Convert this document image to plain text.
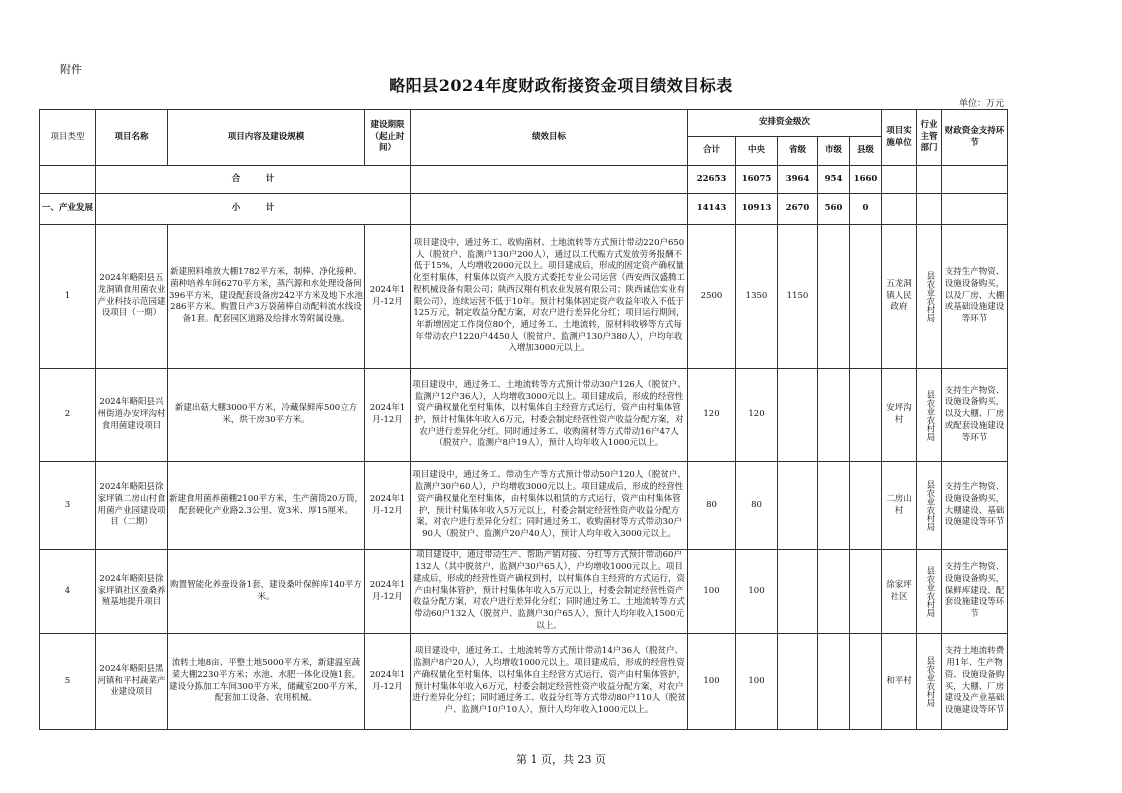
附件
略阳县2024年度财政衔接资金项目绩效目标表
单位：万元
项目类型	项目名称	项目内容及建设规模	建设期限（起止时间）	绩效目标	安排资金级次					项目实施单位	行业主管部门	财政资金支持环节
					合计	中央	省级	市级	县级			
	合　　　计				22653	16075	3964	954	1660			
一、产业发展	小　　　计				14143	10913	2670	560	0			
1	2024年略阳县五龙洞镇食用菌农业产业科技示范园建设项目（一期）	新建照料堆放大棚1782平方米，制棒、净化接种、菌种培养车间6270平方米，蒸汽源和水处理设备间396平方米，建设配套设备房242平方米及地下水池286平方米。购置日产3万袋菌棒自动配料流水线设备1套。配套园区道路及给排水等附属设施。	2024年1月-12月	项目建设中，通过务工、收购菌材、土地流转等方式预计带动220户650人（脱贫户、监测户130户200人），通过以工代赈方式发放劳务报酬不低于15%，人均增收2000元以上。项目建成后，形成的固定资产确权量化至村集体，村集体以资产入股方式委托专业公司运营（西安西汉盛腾工程机械设备有限公司；陕西汉翔有机农业发展有限公司；陕西诚信实业有限公司），连续运营不低于10年。预计村集体固定资产收益年收入不低于125万元，制定收益分配方案，对农户进行差异化分红；项目运行期间，年新增固定工作岗位80个，通过务工、土地流转，原材料收够等方式每年带动农户1220户4450人（脱贫户、监测户130户380人），户均年收入增加3000元以上。	2500	1350	1150			五龙洞镇人民政府	县农业农村局	支持生产物资、设施设备购买，以及厂房、大棚或基础设施建设等环节
2	2024年略阳县兴州街道办安坪沟村食用菌建设项目	新建出菇大棚3000平方米，冷藏保鲜库500立方米，烘干房30平方米。	2024年1月-12月	项目建设中，通过务工、土地流转等方式预计带动30户126人（脱贫户、监测户12户36人），人均增收3000元以上。项目建成后，形成的经营性资产确权量化至村集体，以村集体自主经营方式运行，资产由村集体管护，预计村集体年收入6万元，村委会制定经营性资产收益分配方案，对农户进行差异化分红。同时通过务工、收购菌材等方式带动16户47人（脱贫户、监测户8户19人），预计人均年收入1000元以上。	120	120				安坪沟村	县农业农村局	支持生产物资、设施设备购买，以及大棚、厂房或配套设施建设等环节
3	2024年略阳县徐家坪镇二房山村食用菌产业园建设项目（二期）	新建食用菌养菌棚2100平方米，生产菌筒20万筒，配套硬化产业路2.3公里、宽3米、厚15厘米。	2024年1月-12月	项目建设中，通过务工、带动生产等方式预计带动50户120人（脱贫户、监测户30户60人），户均增收3000元以上。项目建成后，形成的经营性资产确权量化至村集体，由村集体以租赁的方式运行，资产由村集体管护，预计村集体年收入5万元以上，村委会制定经营性资产收益分配方案，对农户进行差异化分红；同时通过务工、收购菌材等方式带动30户90人（脱贫户、监测户20户40人），预计人均年收入3000元以上。	80	80				二房山村	县农业农村局	支持生产物资、设施设备购买，大棚建设、基础设施建设等环节
4	2024年略阳县徐家坪镇社区蚕桑养殖基地提升项目	购置智能化养蚕设备1套，建设桑叶保鲜库140平方米。	2024年1月-12月	项目建设中，通过带动生产、帮助产销对接、分红等方式预计带动60户132人（其中脱贫户、监测户30户65人），户均增收1000元以上。项目建成后，形成的经营性资产确权到村，以村集体自主经营的方式运行，资产由村集体管护，预计村集体年收入5万元以上，村委会制定经营性资产收益分配方案，对农户进行差异化分红；同时通过务工、土地流转等方式带动60户132人（脱贫户、监测户30户65人），预计人均年收入1500元以上。	100	100				徐家坪社区	县农业农村局	支持生产物资、设施设备购买，保鲜库建设、配套设施建设等环节
5	2024年略阳县黑河镇和平村蔬菜产业建设项目	流转土地8亩、平整土地5000平方米，新建温室蔬菜大棚2230平方米；水池、水肥一体化设施1套。建设分拣加工车间300平方米，储藏室200平方米，配套加工设备、农用机械。	2024年1月-12月	项目建设中，通过务工、土地流转等方式预计带动14户36人（脱贫户、监测户8户20人），人均增收1000元以上。项目建成后，形成的经营性资产确权量化至村集体，以村集体自主经营方式运行，资产由村集体管护，预计村集体年收入6万元，村委会制定经营性资产收益分配方案，对农户进行差异化分红；同时通过务工、收益分红等方式带动80户110人（脱贫户、监测户10户10人），预计人均年收入1000元以上。	100	100				和平村	县农业农村局	支持土地流转费用1年、生产物资、设施设备购买，大棚、厂房建设及产业基础设施建设等环节
第 1 页，共 23 页
